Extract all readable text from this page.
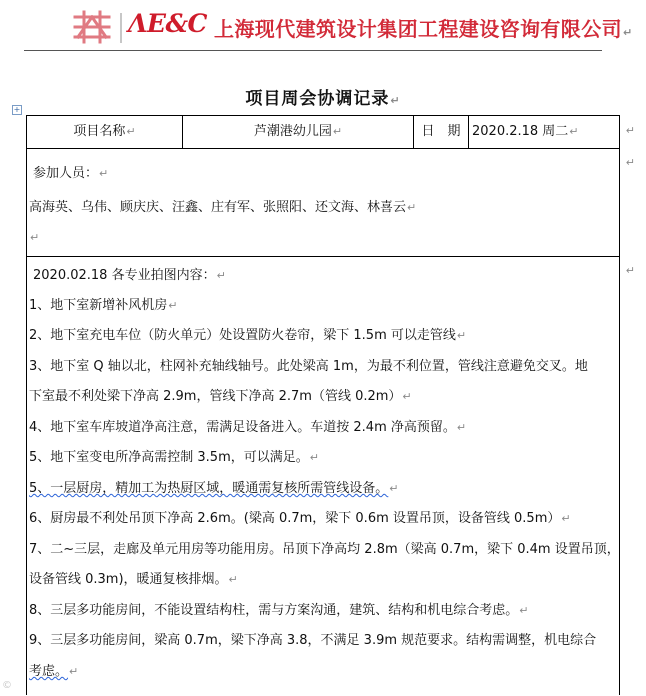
ΛE&C 上海现代建筑设计集团工程建设咨询有限公司↵
项目周会协调记录↵
+
项目名称↵	芦潮港幼儿园↵	日　期 2020.2.18 周二↵	↵
参加人员：↵
高海英、乌伟、顾庆庆、汪鑫、庄有军、张照阳、还文海、林喜云↵
↵
↵
2020.02.18 各专业拍图内容：↵
1、地下室新增补风机房↵
2、地下室充电车位（防火单元）处设置防火卷帘，梁下 1.5m 可以走管线↵
3、地下室 Q 轴以北，柱网补充轴线轴号。此处梁高 1m，为最不利位置，管线注意避免交叉。地
下室最不利处梁下净高 2.9m，管线下净高 2.7m（管线 0.2m）↵
4、地下室车库坡道净高注意，需满足设备进入。车道按 2.4m 净高预留。↵
5、地下室变电所净高需控制 3.5m，可以满足。↵
5、一层厨房，精加工为热厨区域，暖通需复核所需管线设备。↵
6、厨房最不利处吊顶下净高 2.6m。(梁高 0.7m，梁下 0.6m 设置吊顶，设备管线 0.5m）↵
7、二~三层，走廊及单元用房等功能用房。吊顶下净高均 2.8m（梁高 0.7m，梁下 0.4m 设置吊顶，
设备管线 0.3m)，暖通复核排烟。↵
8、三层多功能房间，不能设置结构柱，需与方案沟通，建筑、结构和机电综合考虑。↵
9、三层多功能房间，梁高 0.7m，梁下净高 3.8，不满足 3.9m 规范要求。结构需调整，机电综合
考虑。↵
↵
©　
